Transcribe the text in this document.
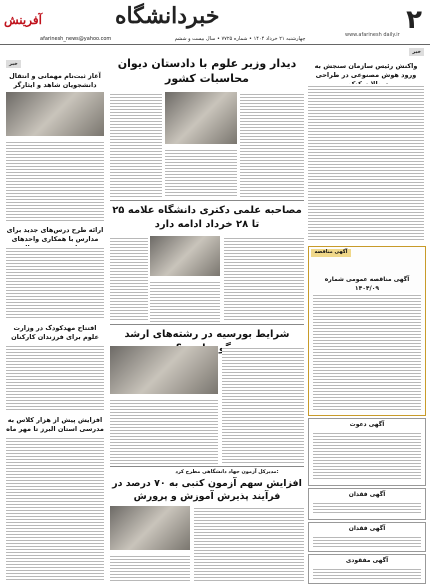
۲
خبردانشگاه
آفرینش
www.afarinesh daily.ir
چهارشنبه ۲۱ خرداد ۱۴۰۴ • شماره ۷۷۲۵ • سال بیست و ششم
afarinesh_news@yahoo.com
خبر
واکنش رئیس سازمان سنجش به ورود هوش مصنوعی در طراحی
دیدار وزیر علوم با دادستان دیوان محاسبات کشور
مصاحبه علمی دکتری دانشگاه علامه ۲۵ تا ۲۸ خرداد ادامه دارد
شرایط بورسیه در رشته‌های ارشد
مدیرکل آزمون جهاد دانشگاهی مطرح کرد:
افزایش سهم آزمون کتبی به ۷۰ درصد در فرآیند پذیرش آموزش و پرورش
خبر
آغاز ثبت‌نام مهمانی و انتقال دانشجویان شاهد و ایثارگر
ارائه طرح درس‌های جدید برای مدارس با همکاری واحدهای
افتتاح مهدکودک در وزارت علوم برای فرزندان کارکنان
افزایش پیش از هزار کلاس به مدرسی استان البرز تا مهر ماه
آگهی مناقصه
آگهی مناقصه عمومی شماره ۱۴۰۴/۰۹
آگهی دعوت
آگهی فقدان
آگهی فقدان
آگهی مفقودی
